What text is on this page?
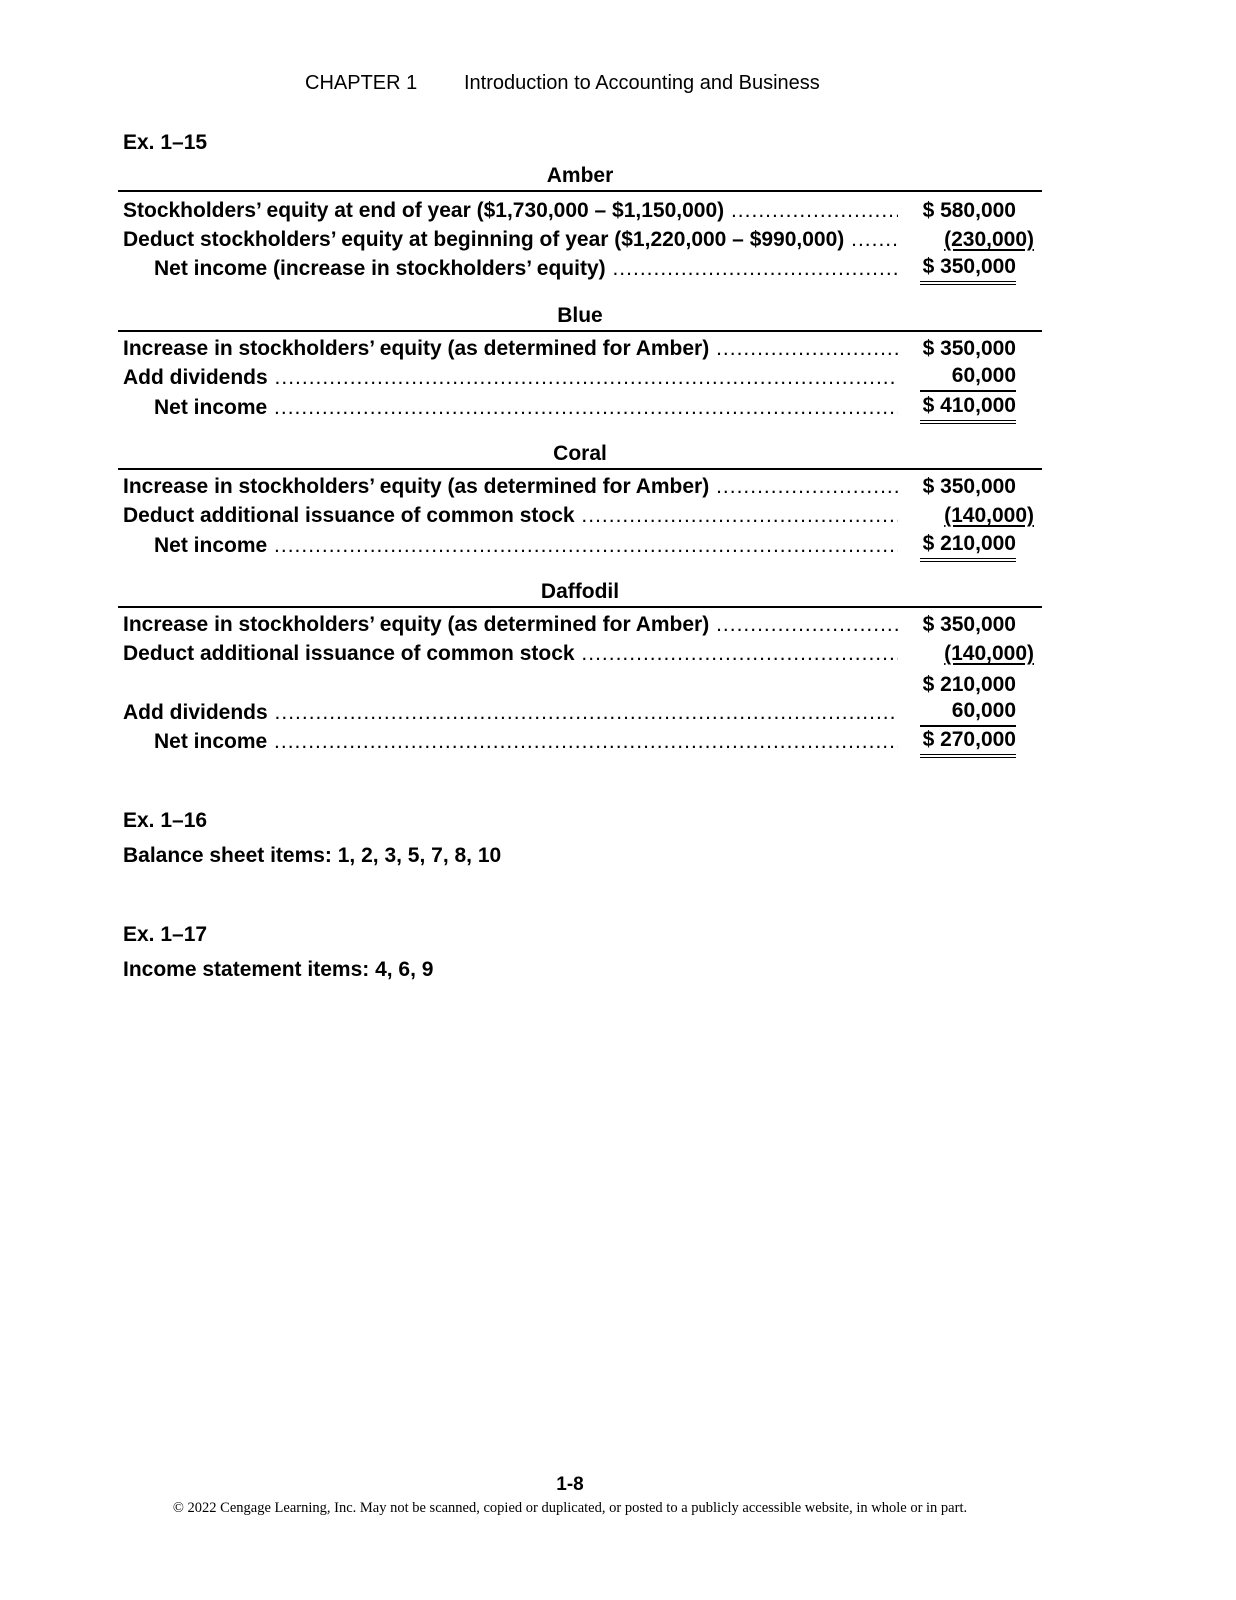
CHAPTER 1 Introduction to Accounting and Business
Ex. 1–15
Amber
Stockholders’ equity at end of year ($1,730,000 – $1,150,000) .....	$ 580,000
Deduct stockholders’ equity at beginning of year ($1,220,000 – $990,000) .....	(230,000)
Net income (increase in stockholders’ equity) .....	$ 350,000
Blue
Increase in stockholders’ equity (as determined for Amber) .....	$ 350,000
Add dividends .....	60,000
Net income .....	$ 410,000
Coral
Increase in stockholders’ equity (as determined for Amber) .....	$ 350,000
Deduct additional issuance of common stock .....	(140,000)
Net income .....	$ 210,000
Daffodil
Increase in stockholders’ equity (as determined for Amber) .....	$ 350,000
Deduct additional issuance of common stock .....	(140,000)
$ 210,000
Add dividends .....	60,000
Net income .....	$ 270,000
Ex. 1–16
Balance sheet items: 1, 2, 3, 5, 7, 8, 10
Ex. 1–17
Income statement items: 4, 6, 9
1-8
© 2022 Cengage Learning, Inc. May not be scanned, copied or duplicated, or posted to a publicly accessible website, in whole or in part.
